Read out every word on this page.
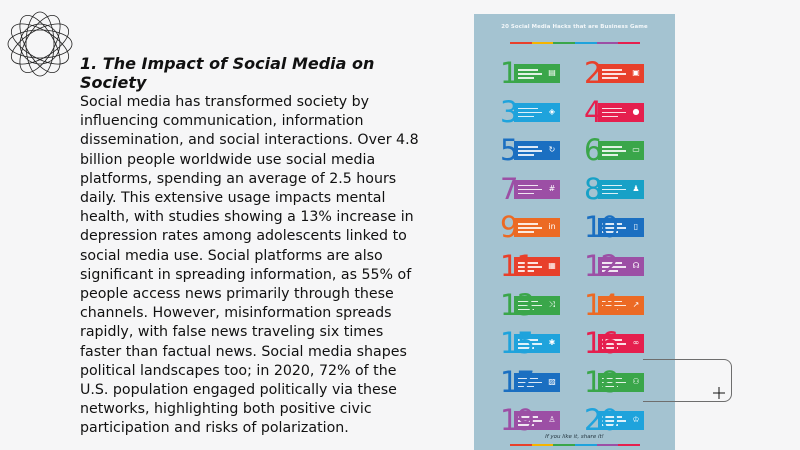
1. The Impact of Social Media on Society
Social media has transformed society by influencing communication, information dissemination, and social interactions. Over 4.8 billion people worldwide use social media platforms, spending an average of 2.5 hours daily. This extensive usage impacts mental health, with studies showing a 13% increase in depression rates among adolescents linked to social media use. Social platforms are also significant in spreading information, as 55% of people access news primarily through these channels. However, misinformation spreads rapidly, with false news traveling six times faster than factual news. Social media shapes political landscapes too; in 2020, 72% of the U.S. population engaged politically via these networks, highlighting both positive civic participation and risks of polarization.
20 Social Media Hacks that are Business Game
▤
1	▣
2
◈
3	●
4
↻
5	▭
6
#
7	♟
8
in
9	▯
10
▦
11	☊
12
⤨
13	↗
14
✱
15	∞
16
▨
17	⚇
18
♙
19	♔
20
If you like it, share it!
